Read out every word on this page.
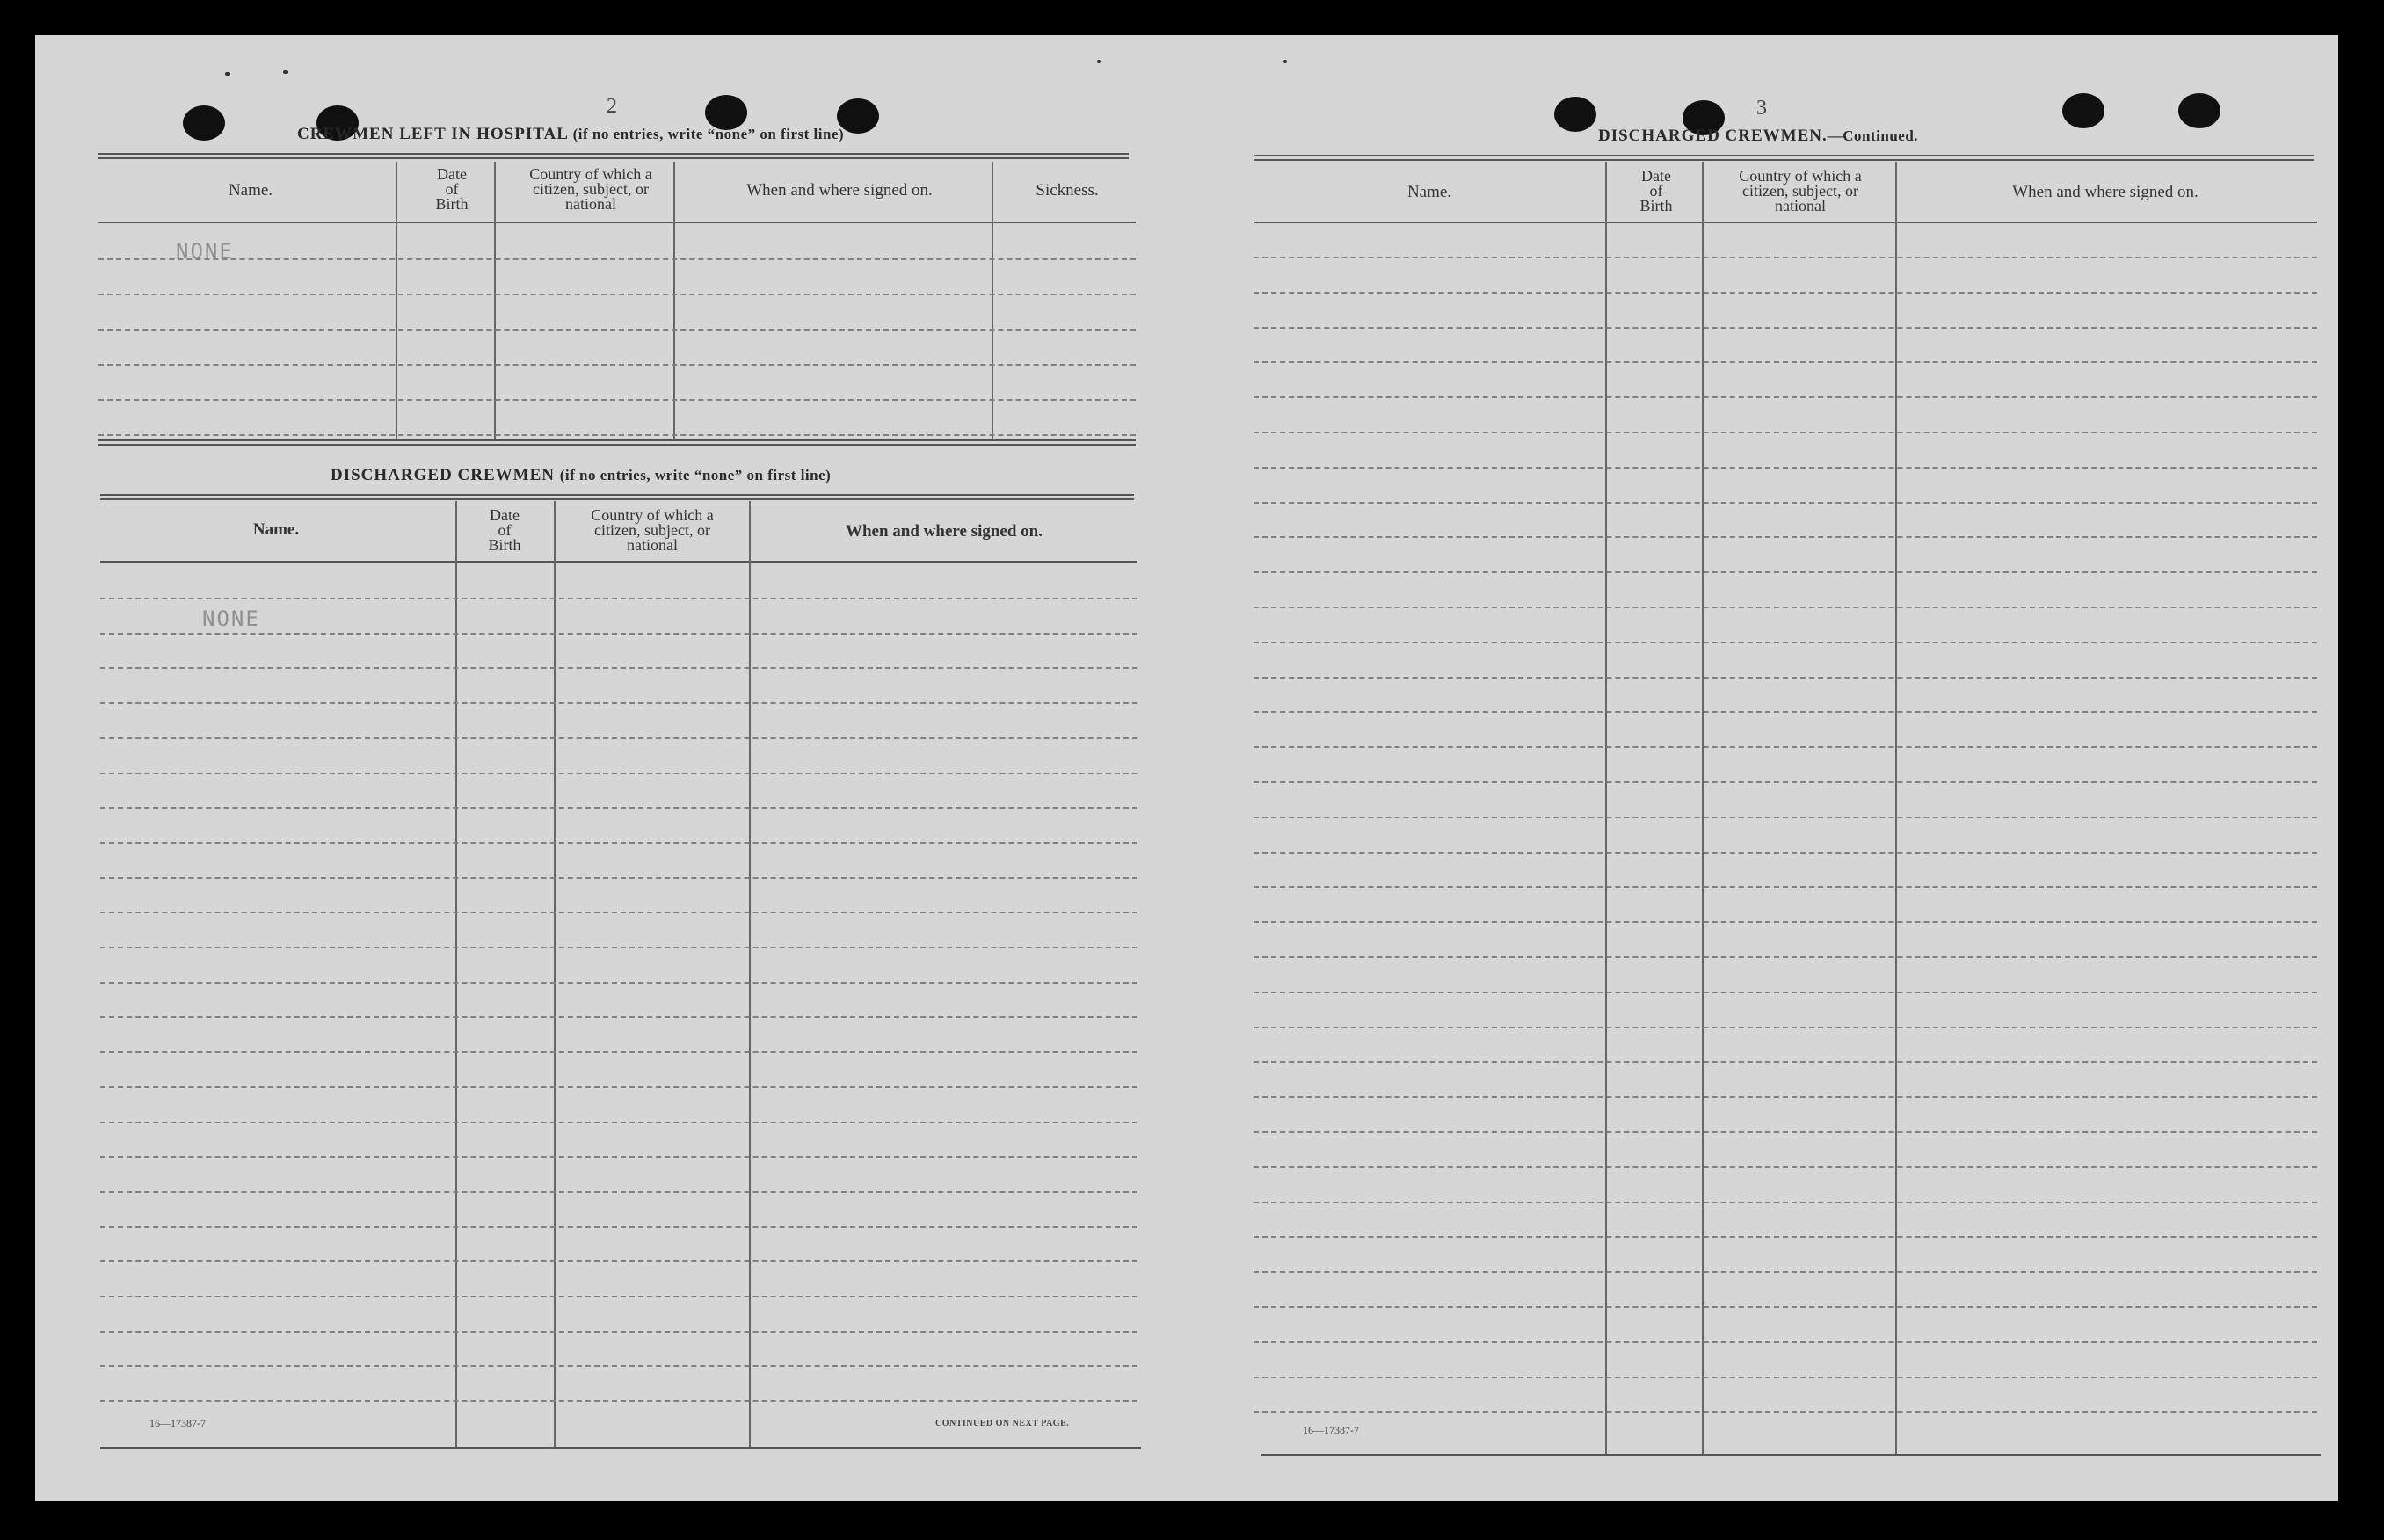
2
CREWMEN LEFT IN HOSPITAL (if no entries, write “none” on first line)
Name.
Date
of
Birth
Country of which a
citizen, subject, or
national
When and where signed on.	Sickness.
NONE
DISCHARGED CREWMEN (if no entries, write “none” on first line)
Name.
Date
of
Birth
Country of which a
citizen, subject, or
national
When and where signed on.
NONE
16—17387-7	CONTINUED ON NEXT PAGE.
3
DISCHARGED CREWMEN.—Continued.
Name.
Date
of
Birth
Country of which a
citizen, subject, or
national
When and where signed on.
16—17387-7
